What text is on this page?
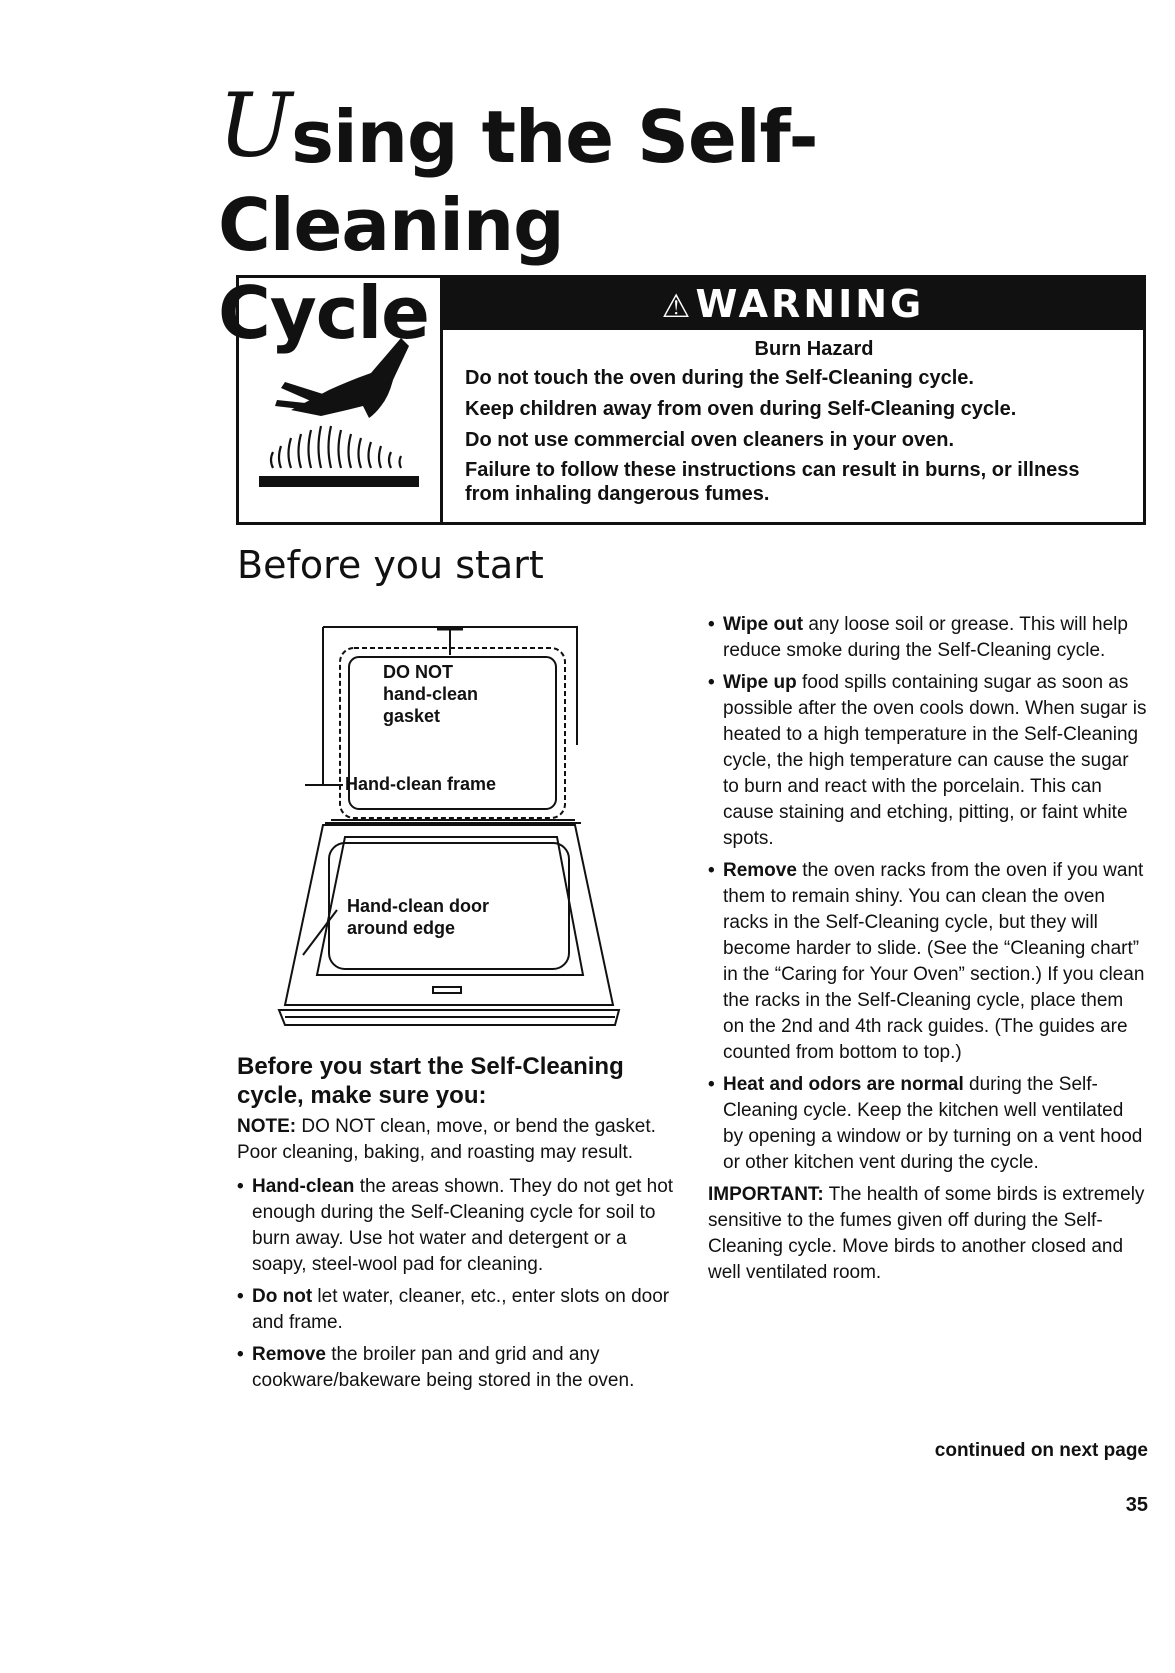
Using the Self-Cleaning
Cycle	⚠WARNING
Burn Hazard

Do not touch the oven during the Self-Cleaning cycle.

Keep children away from oven during Self-Cleaning cycle.

Do not use commercial oven cleaners in your oven.

Failure to follow these instructions can result in burns, or illness from inhaling dangerous fumes.

Before you start
DO NOT
hand-clean
gasket
Hand-clean frame
Hand-clean door
around edge
Before you start the Self-Cleaning cycle, make sure you:
NOTE: DO NOT clean, move, or bend the gasket. Poor cleaning, baking, and roasting may result.
• Hand-clean the areas shown. They do not get hot enough during the Self-Cleaning cycle for soil to burn away. Use hot water and detergent or a soapy, steel-wool pad for cleaning.
• Do not let water, cleaner, etc., enter slots on door and frame.
• Remove the broiler pan and grid and any cookware/bakeware being stored in the oven.
• Wipe out any loose soil or grease. This will help reduce smoke during the Self-Cleaning cycle.
• Wipe up food spills containing sugar as soon as possible after the oven cools down. When sugar is heated to a high temperature in the Self-Cleaning cycle, the high temperature can cause the sugar to burn and react with the porcelain. This can cause staining and etching, pitting, or faint white spots.
• Remove the oven racks from the oven if you want them to remain shiny. You can clean the oven racks in the Self-Cleaning cycle, but they will become harder to slide. (See the “Cleaning chart” in the “Caring for Your Oven” section.) If you clean the racks in the Self-Cleaning cycle, place them on the 2nd and 4th rack guides. (The guides are counted from bottom to top.)
• Heat and odors are normal during the Self-Cleaning cycle. Keep the kitchen well ventilated by opening a window or by turning on a vent hood or other kitchen vent during the cycle.
IMPORTANT: The health of some birds is extremely sensitive to the fumes given off during the Self-Cleaning cycle. Move birds to another closed and well ventilated room.
continued on next page
35
